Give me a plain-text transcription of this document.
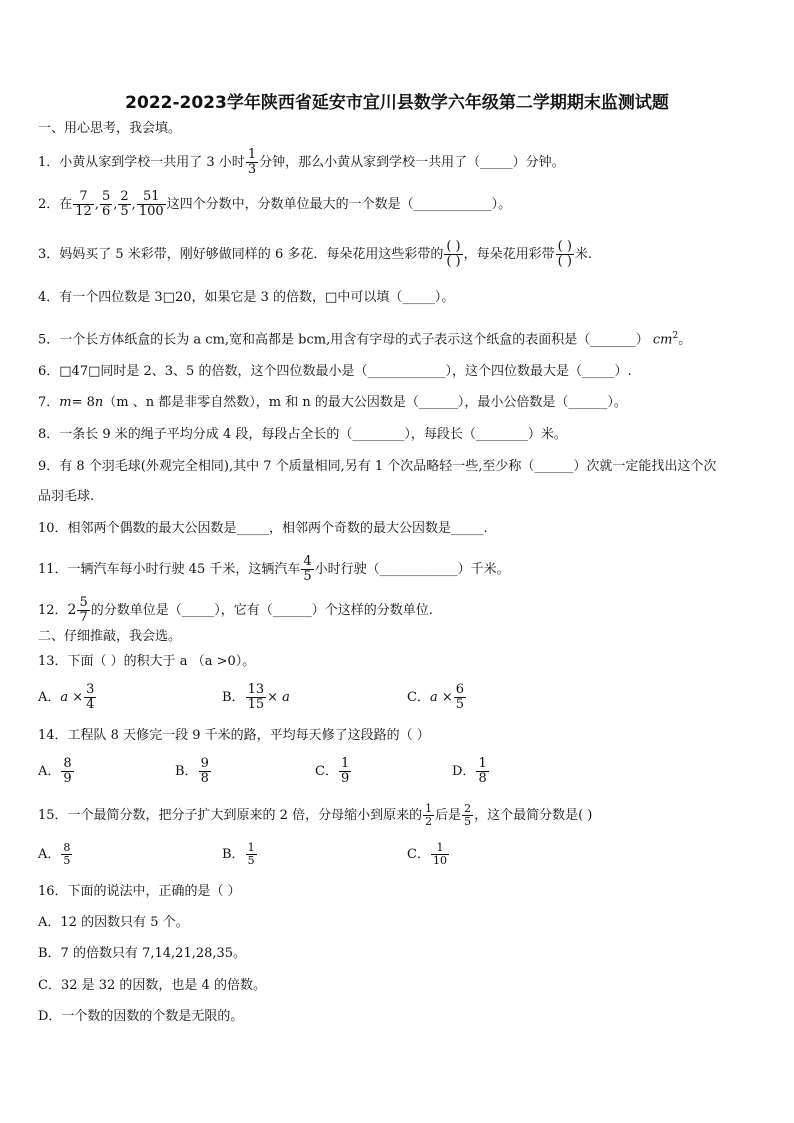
2022-2023学年陕西省延安市宜川县数学六年级第二学期期末监测试题
一、用心思考，我会填。
1．小黄从家到学校一共用了 3 小时 $\frac{1}{3}$ 分钟，那么小黄从家到学校一共用了（_____）分钟。
2．在 $\frac{7}{12}$ , $\frac{5}{6}$ , $\frac{2}{5}$ , $\frac{51}{100}$ 这四个分数中，分数单位最大的一个数是（____________）。
3．妈妈买了 5 米彩带，刚好够做同样的 6 多花．每朵花用这些彩带的 $\frac{( )}{( )}$ ，每朵花用彩带 $\frac{( )}{( )}$ 米.
4．有一个四位数是 3□20，如果它是 3 的倍数，□中可以填（_____）。
5．一个长方体纸盒的长为 a cm,宽和高都是 bcm,用含有字母的式子表示这个纸盒的表面积是（_______） $cm^2$。
6．□47□同时是 2、3、5 的倍数，这个四位数最小是（____________），这个四位数最大是（_____）.
7．m= 8n（m 、n 都是非零自然数），m 和 n 的最大公因数是（______），最小公倍数是（______）。
8．一条长 9 米的绳子平均分成 4 段，每段占全长的（________），每段长（________）米。
9．有 8 个羽毛球(外观完全相同),其中 7 个质量相同,另有 1 个次品略轻一些,至少称（______）次就一定能找出这个次
品羽毛球.
10．相邻两个偶数的最大公因数是_____，相邻两个奇数的最大公因数是_____.
11．一辆汽车每小时行驶 45 千米，这辆汽车 $\frac{4}{5}$ 小时行驶（____________）千米。
12．$2 \frac{5}{7}$ 的分数单位是（_____），它有（______）个这样的分数单位.
二、仔细推敲，我会选。
13．下面（ ）的积大于 a （a >0）。
A．$a \times \frac{3}{4}$	B． $\frac{13}{15} \times a$	C．$a \times \frac{6}{5}$
14．工程队 8 天修完一段 9 千米的路，平均每天修了这段路的（ ）
A． $\frac{8}{9}$	B． $\frac{9}{8}$	C． $\frac{1}{9}$	D． $\frac{1}{8}$
15．一个最简分数，把分子扩大到原来的 2 倍，分母缩小到原来的 $\frac{1}{2}$ 后是 $\frac{2}{5}$ ，这个最简分数是( )
A． $\frac{8}{5}$	B． $\frac{1}{5}$	C． $\frac{1}{10}$
16．下面的说法中，正确的是（ ）
A．12 的因数只有 5 个。
B．7 的倍数只有 7,14,21,28,35。
C．32 是 32 的因数，也是 4 的倍数。
D．一个数的因数的个数是无限的。
